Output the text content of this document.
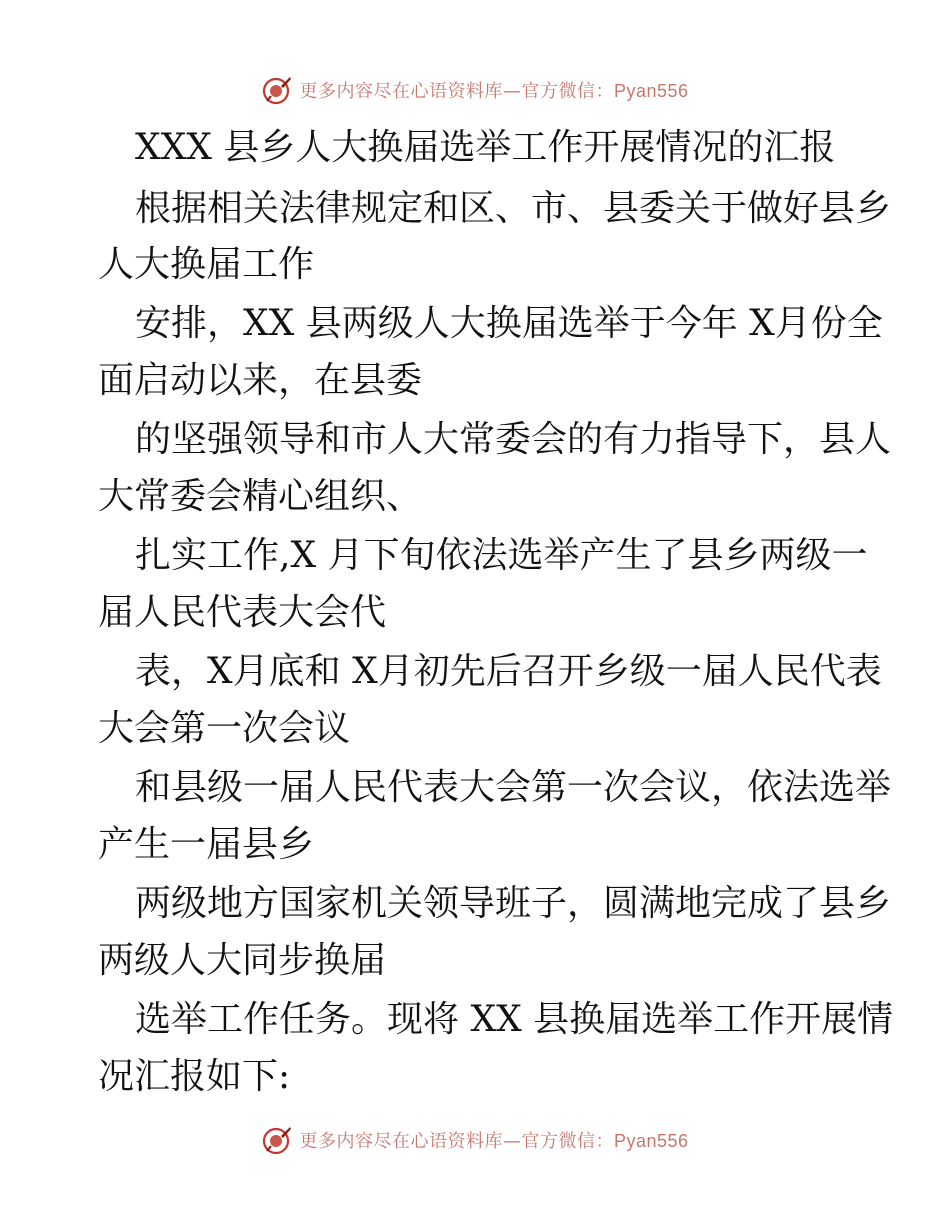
更多内容尽在心语资料库—官方微信：Pyan556
XXX 县乡人大换届选举工作开展情况的汇报
根据相关法律规定和区、市、县委关于做好县乡
人大换届工作
安排，XX 县两级人大换届选举于今年 X月份全
面启动以来，在县委
的坚强领导和市人大常委会的有力指导下，县人
大常委会精心组织、
扎实工作,X 月下旬依法选举产生了县乡两级一
届人民代表大会代
表，X月底和 X月初先后召开乡级一届人民代表
大会第一次会议
和县级一届人民代表大会第一次会议，依法选举
产生一届县乡
两级地方国家机关领导班子，圆满地完成了县乡
两级人大同步换届
选举工作任务。现将 XX 县换届选举工作开展情
况汇报如下:
更多内容尽在心语资料库—官方微信：Pyan556
